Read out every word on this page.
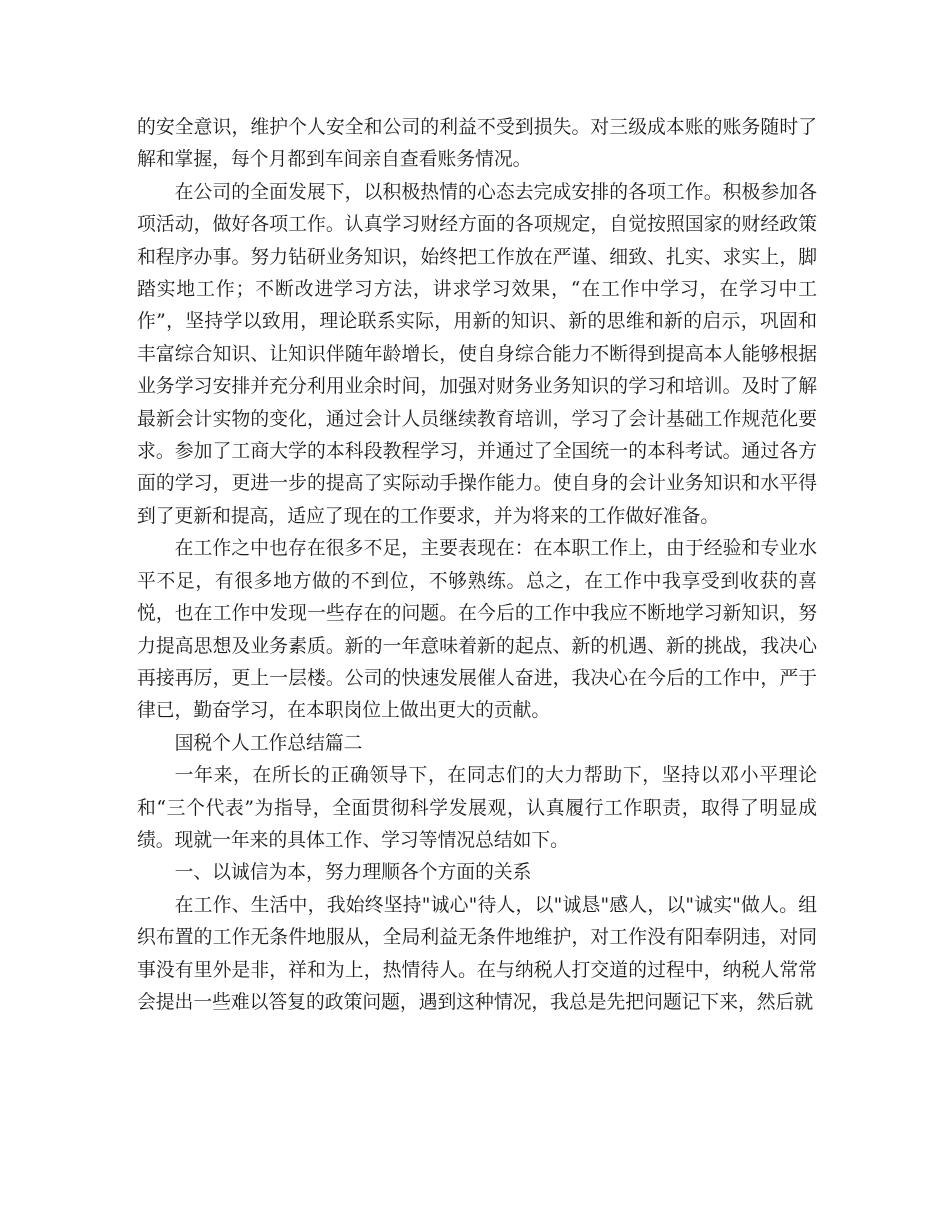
的安全意识，维护个人安全和公司的利益不受到损失。对三级成本账的账务随时了解和掌握，每个月都到车间亲自查看账务情况。

在公司的全面发展下，以积极热情的心态去完成安排的各项工作。积极参加各项活动，做好各项工作。认真学习财经方面的各项规定，自觉按照国家的财经政策和程序办事。努力钻研业务知识，始终把工作放在严谨、细致、扎实、求实上，脚踏实地工作；不断改进学习方法，讲求学习效果，“在工作中学习，在学习中工作”，坚持学以致用，理论联系实际，用新的知识、新的思维和新的启示，巩固和丰富综合知识、让知识伴随年龄增长，使自身综合能力不断得到提高本人能够根据业务学习安排并充分利用业余时间，加强对财务业务知识的学习和培训。及时了解最新会计实物的变化，通过会计人员继续教育培训，学习了会计基础工作规范化要求。参加了工商大学的本科段教程学习，并通过了全国统一的本科考试。通过各方面的学习，更进一步的提高了实际动手操作能力。使自身的会计业务知识和水平得到了更新和提高，适应了现在的工作要求，并为将来的工作做好准备。

在工作之中也存在很多不足，主要表现在：在本职工作上，由于经验和专业水平不足，有很多地方做的不到位，不够熟练。总之，在工作中我享受到收获的喜悦，也在工作中发现一些存在的问题。在今后的工作中我应不断地学习新知识，努力提高思想及业务素质。新的一年意味着新的起点、新的机遇、新的挑战，我决心再接再厉，更上一层楼。公司的快速发展催人奋进，我决心在今后的工作中，严于律已，勤奋学习，在本职岗位上做出更大的贡献。

国税个人工作总结篇二

一年来，在所长的正确领导下，在同志们的大力帮助下，坚持以邓小平理论和“三个代表”为指导，全面贯彻科学发展观，认真履行工作职责，取得了明显成绩。现就一年来的具体工作、学习等情况总结如下。

一、以诚信为本，努力理顺各个方面的关系

在工作、生活中，我始终坚持"诚心"待人，以"诚恳"感人，以"诚实"做人。组织布置的工作无条件地服从，全局利益无条件地维护，对工作没有阳奉阴违，对同事没有里外是非，祥和为上，热情待人。在与纳税人打交道的过程中，纳税人常常会提出一些难以答复的政策问题，遇到这种情况，我总是先把问题记下来，然后就
